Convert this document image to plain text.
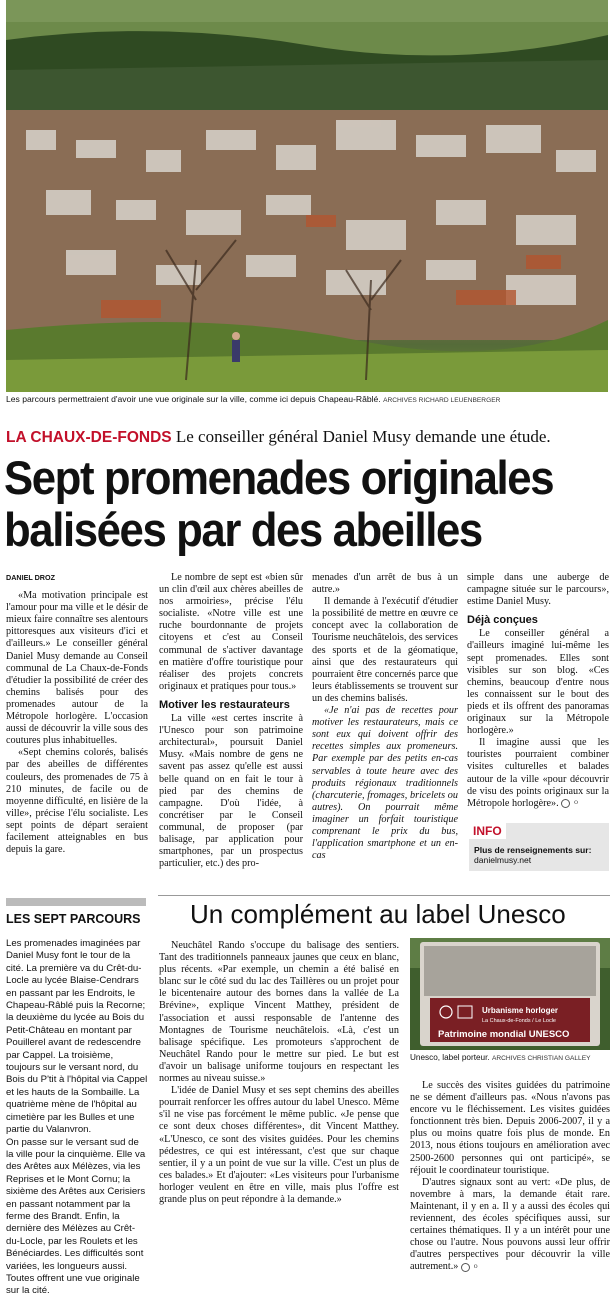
Les parcours permettraient d'avoir une vue originale sur la ville, comme ici depuis Chapeau-Râblé. ARCHIVES RICHARD LEUENBERGER
LA CHAUX-DE-FONDS Le conseiller général Daniel Musy demande une étude.
Sept promenades originales
balisées par des abeilles
DANIEL DROZ

«Ma motivation principale est l'amour pour ma ville et le désir de mieux faire connaître ses alentours pittoresques aux visiteurs d'ici et d'ailleurs.» Le conseiller général Daniel Musy demande au Conseil communal de La Chaux-de-Fonds d'étudier la possibilité de créer des chemins balisés pour des promenades autour de la Métropole horlogère. L'occasion aussi de découvrir la ville sous des coutures plus inhabituelles.

«Sept chemins colorés, balisés par des abeilles de différentes couleurs, des promenades de 75 à 210 minutes, de facile ou de moyenne difficulté, en lisière de la ville», précise l'élu socialiste. Les sept points de départ seraient facilement atteignables en bus depuis la gare.

Le nombre de sept est «bien sûr un clin d'œil aux chères abeilles de nos armoiries», précise l'élu socialiste. «Notre ville est une ruche bourdonnante de projets citoyens et c'est au Conseil communal de s'activer davantage en matière d'offre touristique pour réaliser des projets concrets originaux et pratiques pour tous.»

Motiver les restaurateurs

La ville «est certes inscrite à l'Unesco pour son patrimoine architectural», poursuit Daniel Musy. «Mais nombre de gens ne savent pas assez qu'elle est aussi belle quand on en fait le tour à pied par des chemins de campagne. D'où l'idée, à concrétiser par le Conseil communal, de proposer (par balisage, par application pour smartphones, par un prospectus particulier, etc.) des pro-

menades d'un arrêt de bus à un autre.»

Il demande à l'exécutif d'étudier la possibilité de mettre en œuvre ce concept avec la collaboration de Tourisme neuchâtelois, des services des sports et de la géomatique, ainsi que des restaurateurs qui pourraient être concernés parce que leurs établissements se trouvent sur un des chemins balisés.

«Je n'ai pas de recettes pour motiver les restaurateurs, mais ce sont eux qui doivent offrir des recettes simples aux promeneurs. Par exemple par des petits en-cas servables à toute heure avec des produits régionaux traditionnels (charcuterie, fromages, bricelets ou autres). On pourrait même imaginer un forfait touristique comprenant le prix du bus, l'application smartphone et un en-cas

simple dans une auberge de campagne située sur le parcours», estime Daniel Musy.

Déjà conçues

Le conseiller général a d'ailleurs imaginé lui-même les sept promenades. Elles sont visibles sur son blog. «Ces chemins, beaucoup d'entre nous les connaissent sur le bout des pieds et ils offrent des panoramas originaux sur la Métropole horlogère.»

Il imagine aussi que les touristes pourraient combiner visites culturelles et balades autour de la ville «pour découvrir de visu des points originaux sur la Métropole horlogère».	O

INFO
Plus de renseignements sur:
danielmusy.net
LES SEPT PARCOURS

Les promenades imaginées par Daniel Musy font le tour de la cité. La première va du Crêt-du-Locle au lycée Blaise-Cendrars en passant par les Endroits, le Chapeau-Râblé puis la Recorne; la deuxième du lycée au Bois du Petit-Château en montant par Pouillerel avant de redescendre par Cappel. La troisième, toujours sur le versant nord, du Bois du P'tit à l'hôpital via Cappel et les hauts de la Sombaille. La quatrième mène de l'hôpital au cimetière par les Bulles et une partie du Valanvron.

On passe sur le versant sud de la ville pour la cinquième. Elle va des Arêtes aux Mélèzes, via les Reprises et le Mont Cornu; la sixième des Arêtes aux Cerisiers en passant notamment par la ferme des Brandt. Enfin, la dernière des Mélèzes au Crêt-du-Locle, par les Roulets et les Bénéciardes. Les difficultés sont variées, les longueurs aussi. Toutes offrent une vue originale sur la cité.

Un complément au label Unesco

Neuchâtel Rando s'occupe du balisage des sentiers. Tant des traditionnels panneaux jaunes que ceux en blanc, plus récents. «Par exemple, un chemin a été balisé en blanc sur le côté sud du lac des Taillères ou un projet pour le bicentenaire autour des bornes dans la vallée de La Brévine», explique Vincent Matthey, président de l'association et aussi responsable de l'antenne des Montagnes de Tourisme neuchâtelois. «Là, c'est un balisage spécifique. Les promoteurs s'approchent de Neuchâtel Rando pour le mettre sur pied. Le but est d'avoir un balisage uniforme toujours en respectant les normes au niveau suisse.»

L'idée de Daniel Musy et ses sept chemins des abeilles pourrait renforcer les offres autour du label Unesco. Même s'il ne vise pas forcément le même public. «Je pense que ce sont deux choses différentes», dit Vincent Matthey. «L'Unesco, ce sont des visites guidées. Pour les chemins pédestres, ce qui est intéressant, c'est que sur chaque sentier, il y a un point de vue sur la ville. C'est un plus de ces balades.» Et d'ajouter: «Les visiteurs pour l'urbanisme horloger veulent en être en ville, mais plus l'offre est grande plus on peut répondre à la demande.»

Urbanisme horloger
La Chaux-de-Fonds / Le Locle
Patrimoine mondial UNESCO
Unesco, label porteur. ARCHIVES CHRISTIAN GALLEY

Le succès des visites guidées du patrimoine ne se dément d'ailleurs pas. «Nous n'avons pas encore vu le fléchissement. Les visites guidées fonctionnent très bien. Depuis 2006-2007, il y a plus ou moins quatre fois plus de monde. En 2013, nous étions toujours en amélioration avec 2500-2600 personnes qui ont participé», se réjouit le coordinateur touristique.

D'autres signaux sont au vert: «De plus, de novembre à mars, la demande était rare. Maintenant, il y en a. Il y a aussi des écoles qui reviennent, des écoles spécifiques aussi, sur certaines thématiques. Il y a un intérêt pour une chose ou l'autre. Nous pouvons aussi leur offrir d'autres perspectives pour découvrir la ville autrement.»	O
